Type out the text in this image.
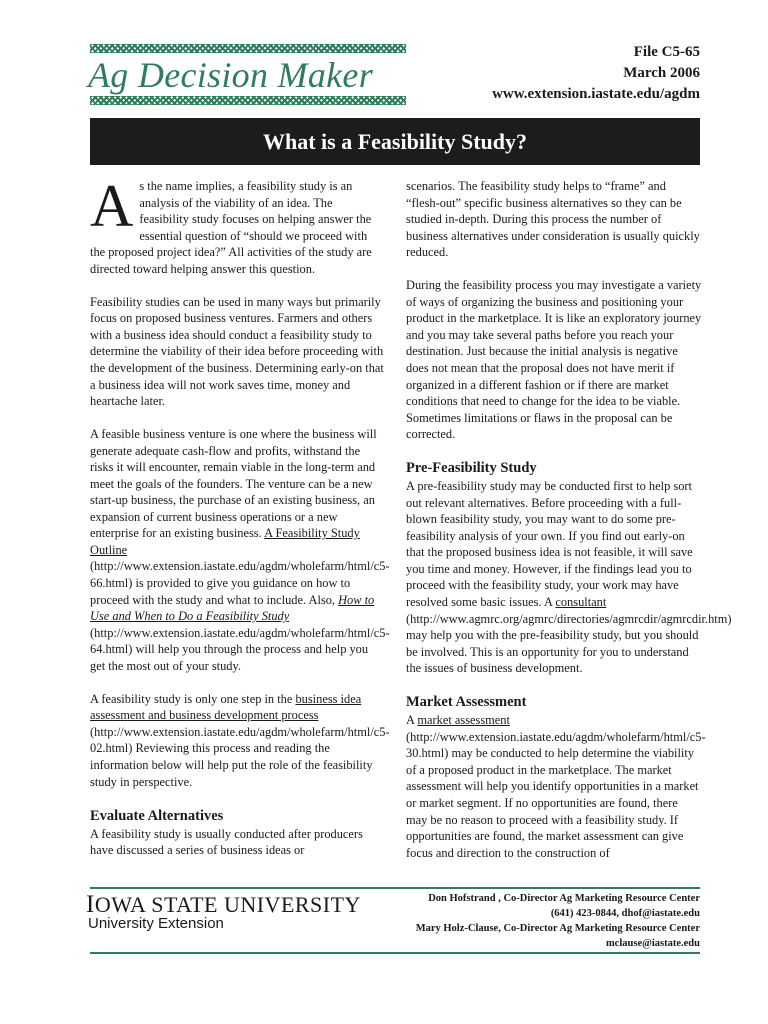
Ag Decision Maker
File C5-65
March 2006
www.extension.iastate.edu/agdm
What is a Feasibility Study?

As the name implies, a feasibility study is an analysis of the viability of an idea. The feasibility study focuses on helping answer the essential question of “should we proceed with the proposed project idea?” All activities of the study are directed toward helping answer this question.

Feasibility studies can be used in many ways but primarily focus on proposed business ventures. Farmers and others with a business idea should conduct a feasibility study to determine the viability of their idea before proceeding with the development of the business. Determining early-on that a business idea will not work saves time, money and heartache later.

A feasible business venture is one where the business will generate adequate cash-flow and profits, withstand the risks it will encounter, remain viable in the long-term and meet the goals of the founders. The venture can be a new start-up business, the purchase of an existing business, an expansion of current business operations or a new enterprise for an existing business. A Feasibility Study Outline (http://www.extension.iastate.edu/agdm/wholefarm/html/c5-66.html) is provided to give you guidance on how to proceed with the study and what to include. Also, How to Use and When to Do a Feasibility Study (http://www.extension.iastate.edu/agdm/wholefarm/html/c5-64.html) will help you through the process and help you get the most out of your study.

A feasibility study is only one step in the business idea assessment and business development process (http://www.extension.iastate.edu/agdm/wholefarm/html/c5-02.html) Reviewing this process and reading the information below will help put the role of the feasibility study in perspective.

Evaluate Alternatives

A feasibility study is usually conducted after producers have discussed a series of business ideas or

scenarios. The feasibility study helps to “frame” and “flesh-out” specific business alternatives so they can be studied in-depth. During this process the number of business alternatives under consideration is usually quickly reduced.

During the feasibility process you may investigate a variety of ways of organizing the business and positioning your product in the marketplace. It is like an exploratory journey and you may take several paths before you reach your destination. Just because the initial analysis is negative does not mean that the proposal does not have merit if organized in a different fashion or if there are market conditions that need to change for the idea to be viable. Sometimes limitations or flaws in the proposal can be corrected.

Pre-Feasibility Study

A pre-feasibility study may be conducted first to help sort out relevant alternatives. Before proceeding with a full-blown feasibility study, you may want to do some pre-feasibility analysis of your own. If you find out early-on that the proposed business idea is not feasible, it will save you time and money. However, if the findings lead you to proceed with the feasibility study, your work may have resolved some basic issues. A consultant (http://www.agmrc.org/agmrc/directories/agmrcdir/agmrcdir.htm) may help you with the pre-feasibility study, but you should be involved. This is an opportunity for you to understand the issues of business development.

Market Assessment

A market assessment (http://www.extension.iastate.edu/agdm/wholefarm/html/c5-30.html) may be conducted to help determine the viability of a proposed product in the marketplace. The market assessment will help you identify opportunities in a market or market segment. If no opportunities are found, there may be no reason to proceed with a feasibility study. If opportunities are found, the market assessment can give focus and direction to the construction of

IOWA STATE UNIVERSITY
University Extension
Don Hofstrand , Co-Director Ag Marketing Resource Center
(641) 423-0844, dhof@iastate.edu
Mary Holz-Clause, Co-Director Ag Marketing Resource Center
mclause@iastate.edu
